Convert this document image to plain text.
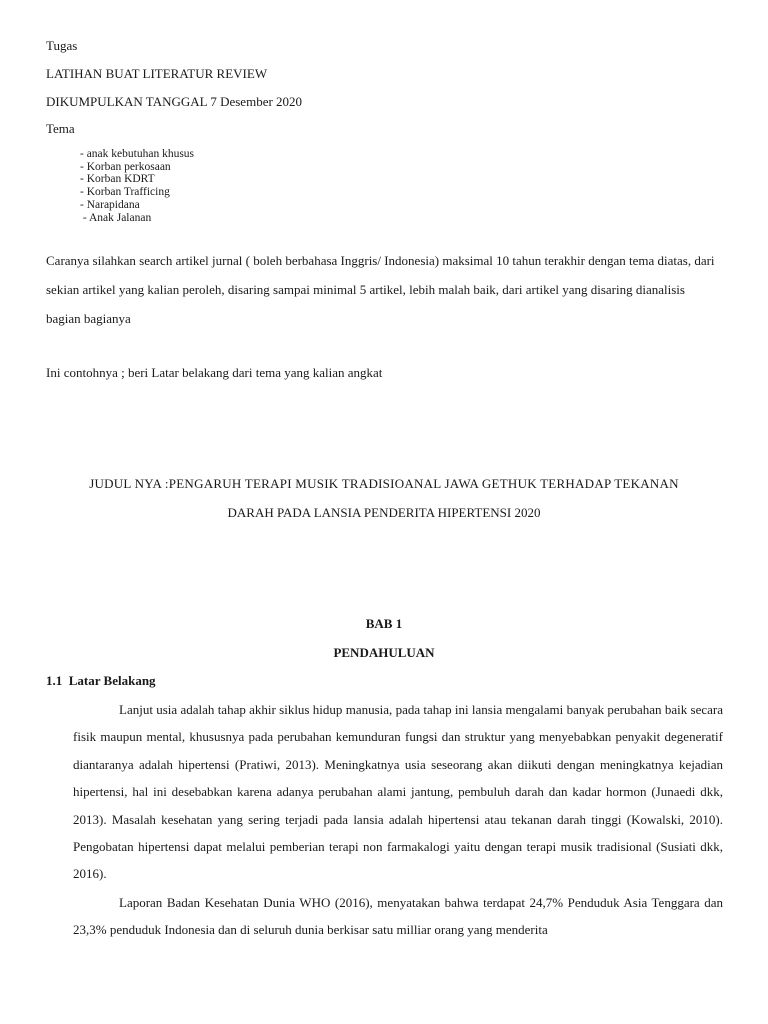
Tugas
LATIHAN BUAT LITERATUR REVIEW
DIKUMPULKAN TANGGAL 7 Desember 2020
Tema
- anak kebutuhan khusus
- Korban perkosaan
- Korban KDRT
- Korban Trafficing
- Narapidana
- Anak Jalanan
Caranya silahkan search artikel jurnal ( boleh berbahasa Inggris/ Indonesia) maksimal 10 tahun terakhir dengan tema diatas, dari sekian artikel yang kalian peroleh, disaring sampai minimal 5 artikel, lebih malah baik, dari artikel yang disaring dianalisis bagian bagianya
Ini contohnya ; beri Latar belakang dari tema yang kalian angkat
JUDUL NYA :PENGARUH TERAPI MUSIK TRADISIOANAL JAWA GETHUK TERHADAP TEKANAN
DARAH PADA LANSIA PENDERITA HIPERTENSI 2020
BAB 1
PENDAHULUAN
1.1  Latar Belakang

Lanjut usia adalah tahap akhir siklus hidup manusia, pada tahap ini lansia mengalami banyak perubahan baik secara fisik maupun mental, khususnya pada perubahan kemunduran fungsi dan struktur yang menyebabkan penyakit degeneratif diantaranya adalah hipertensi (Pratiwi, 2013). Meningkatnya usia seseorang akan diikuti dengan meningkatnya kejadian hipertensi, hal ini desebabkan karena adanya perubahan alami jantung, pembuluh darah dan kadar hormon (Junaedi dkk, 2013). Masalah kesehatan yang sering terjadi pada lansia adalah hipertensi atau tekanan darah tinggi (Kowalski, 2010). Pengobatan hipertensi dapat melalui pemberian terapi non farmakalogi yaitu dengan terapi musik tradisional (Susiati dkk, 2016).

Laporan Badan Kesehatan Dunia WHO (2016), menyatakan bahwa terdapat 24,7% Penduduk Asia Tenggara dan 23,3% penduduk Indonesia dan di seluruh dunia berkisar satu milliar orang yang menderita
